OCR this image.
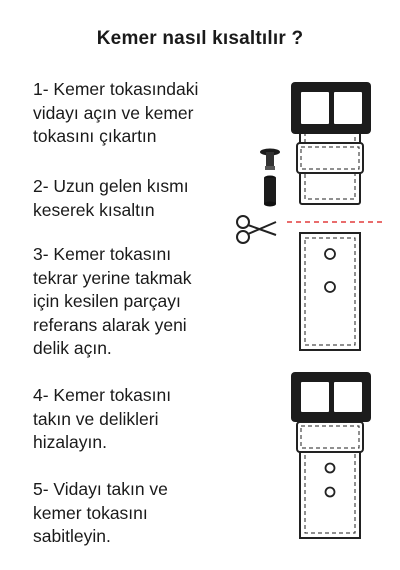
Kemer nasıl kısaltılır ?
1- Kemer tokasındaki
vidayı açın ve kemer
tokasını çıkartın
2- Uzun gelen kısmı
keserek kısaltın
3- Kemer tokasını
tekrar yerine takmak
için kesilen parçayı
referans alarak yeni
delik açın.
4- Kemer tokasını
takın ve delikleri
hizalayın.
5- Vidayı takın ve
kemer tokasını
sabitleyin.
